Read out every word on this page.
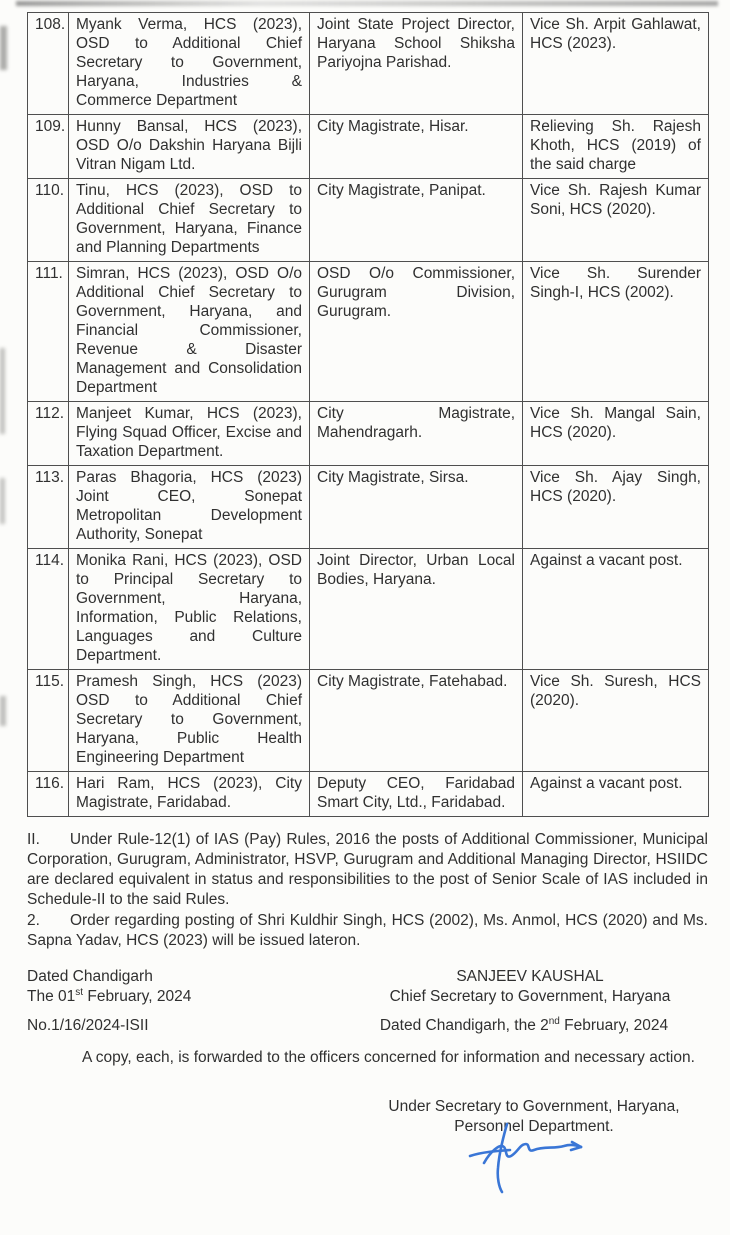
108.	Myank Verma, HCS (2023), OSD to Additional Chief Secretary to Government, Haryana, Industries & Commerce Department	Joint State Project Director, Haryana School Shiksha Pariyojna Parishad.	Vice Sh. Arpit Gahlawat, HCS (2023).
109.	Hunny Bansal, HCS (2023), OSD O/o Dakshin Haryana Bijli Vitran Nigam Ltd.	City Magistrate, Hisar.	Relieving Sh. Rajesh Khoth, HCS (2019) of the said charge
110.	Tinu, HCS (2023), OSD to Additional Chief Secretary to Government, Haryana, Finance and Planning Departments	City Magistrate, Panipat.	Vice Sh. Rajesh Kumar Soni, HCS (2020).
111.	Simran, HCS (2023), OSD O/o Additional Chief Secretary to Government, Haryana, and Financial Commissioner, Revenue & Disaster Management and Consolidation Department	OSD O/o Commissioner, Gurugram Division, Gurugram.	Vice Sh. Surender Singh-I, HCS (2002).
112.	Manjeet Kumar, HCS (2023), Flying Squad Officer, Excise and Taxation Department.	City Magistrate, Mahendragarh.	Vice Sh. Mangal Sain, HCS (2020).
113.	Paras Bhagoria, HCS (2023) Joint CEO, Sonepat Metropolitan Development Authority, Sonepat	City Magistrate, Sirsa.	Vice Sh. Ajay Singh, HCS (2020).
114.	Monika Rani, HCS (2023), OSD to Principal Secretary to Government, Haryana, Information, Public Relations, Languages and Culture Department.	Joint Director, Urban Local Bodies, Haryana.	Against a vacant post.
115.	Pramesh Singh, HCS (2023) OSD to Additional Chief Secretary to Government, Haryana, Public Health Engineering Department	City Magistrate, Fatehabad.	Vice Sh. Suresh, HCS (2020).
116.	Hari Ram, HCS (2023), City Magistrate, Faridabad.	Deputy CEO, Faridabad Smart City, Ltd., Faridabad.	Against a vacant post.

II. Under Rule-12(1) of IAS (Pay) Rules, 2016 the posts of Additional Commissioner, Municipal Corporation, Gurugram, Administrator, HSVP, Gurugram and Additional Managing Director, HSIIDC are declared equivalent in status and responsibilities to the post of Senior Scale of IAS included in Schedule-II to the said Rules.

2. Order regarding posting of Shri Kuldhir Singh, HCS (2002), Ms. Anmol, HCS (2020) and Ms. Sapna Yadav, HCS (2023) will be issued lateron.

Dated Chandigarh
The 01st February, 2024
SANJEEV KAUSHAL
Chief Secretary to Government, Haryana
No.1/16/2024-ISII	Dated Chandigarh, the 2nd February, 2024

A copy, each, is forwarded to the officers concerned for information and necessary action.

Under Secretary to Government, Haryana,
Personnel Department.
